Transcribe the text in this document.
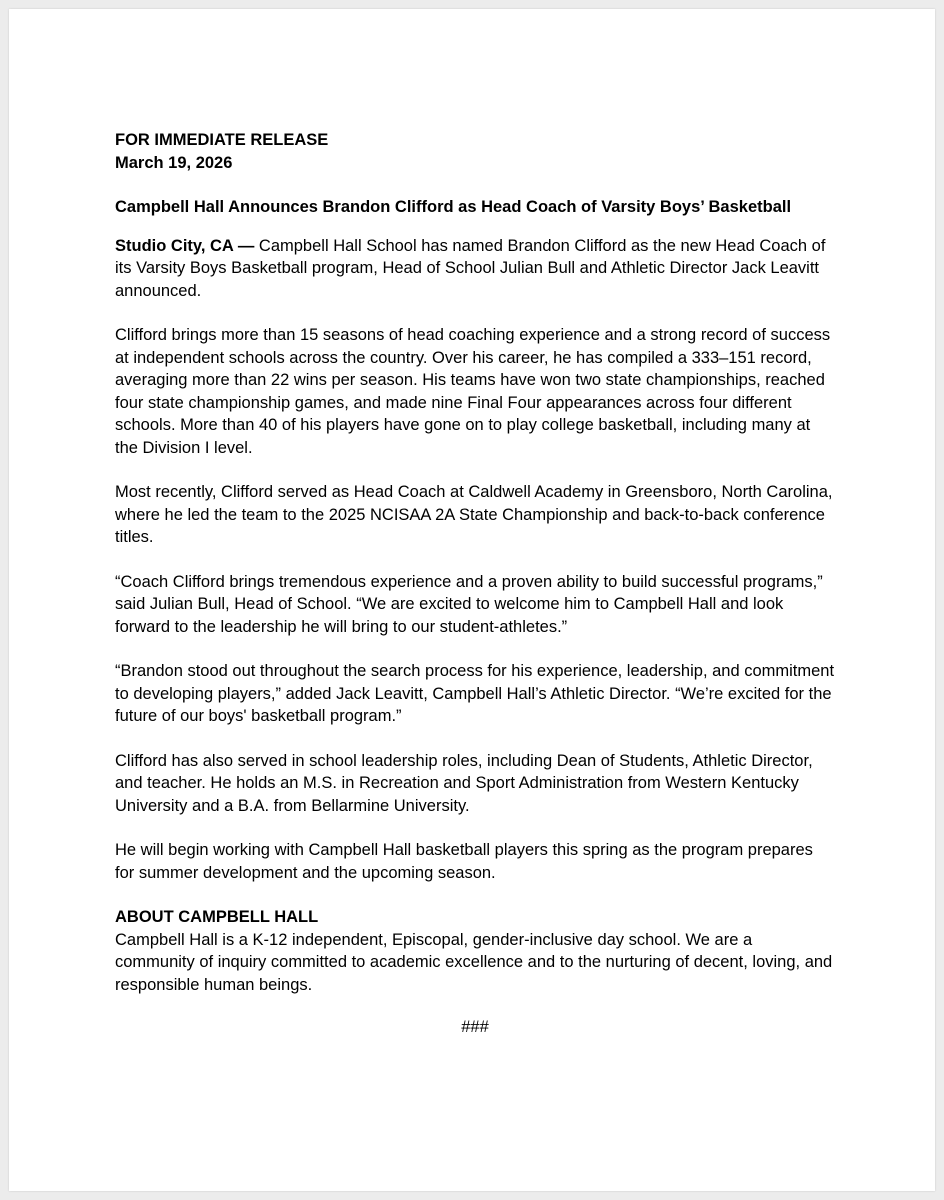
FOR IMMEDIATE RELEASE
March 19, 2026

Campbell Hall Announces Brandon Clifford as Head Coach of Varsity Boys’ Basketball

Studio City, CA — Campbell Hall School has named Brandon Clifford as the new Head Coach of its Varsity Boys Basketball program, Head of School Julian Bull and Athletic Director Jack Leavitt announced.

Clifford brings more than 15 seasons of head coaching experience and a strong record of success at independent schools across the country. Over his career, he has compiled a 333–151 record, averaging more than 22 wins per season. His teams have won two state championships, reached four state championship games, and made nine Final Four appearances across four different schools. More than 40 of his players have gone on to play college basketball, including many at the Division I level.

Most recently, Clifford served as Head Coach at Caldwell Academy in Greensboro, North Carolina, where he led the team to the 2025 NCISAA 2A State Championship and back-to-back conference titles.

“Coach Clifford brings tremendous experience and a proven ability to build successful programs,” said Julian Bull, Head of School. “We are excited to welcome him to Campbell Hall and look forward to the leadership he will bring to our student-athletes.”

“Brandon stood out throughout the search process for his experience, leadership, and commitment to developing players,” added Jack Leavitt, Campbell Hall’s Athletic Director. “We’re excited for the future of our boys' basketball program.”

Clifford has also served in school leadership roles, including Dean of Students, Athletic Director, and teacher. He holds an M.S. in Recreation and Sport Administration from Western Kentucky University and a B.A. from Bellarmine University.

He will begin working with Campbell Hall basketball players this spring as the program prepares for summer development and the upcoming season.

ABOUT CAMPBELL HALL

Campbell Hall is a K-12 independent, Episcopal, gender-inclusive day school. We are a community of inquiry committed to academic excellence and to the nurturing of decent, loving, and responsible human beings.

###
